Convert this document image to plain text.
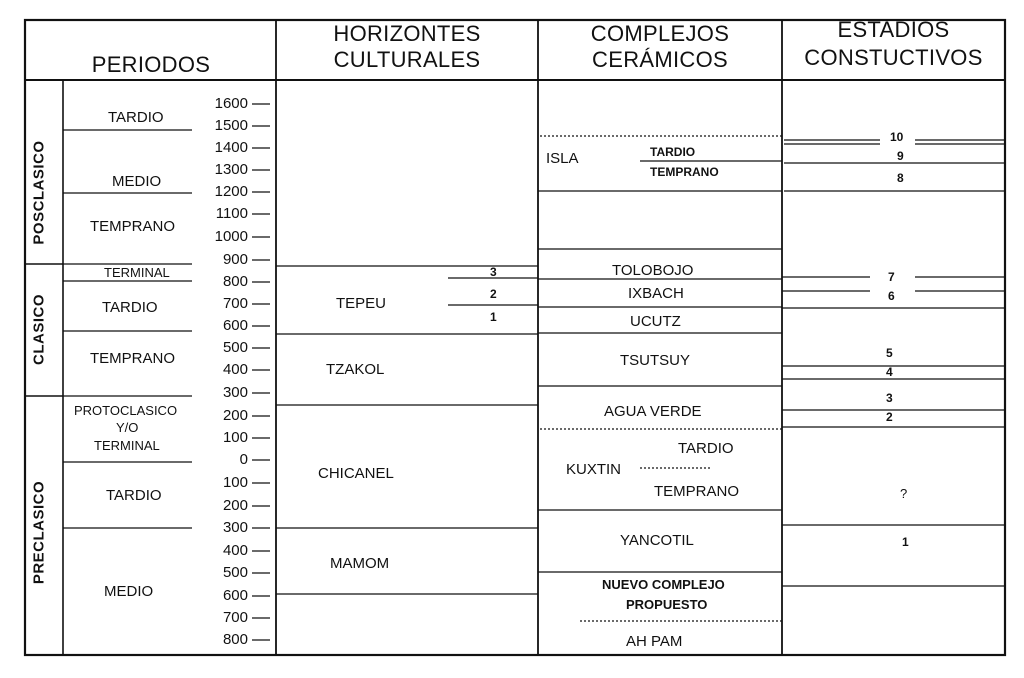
PERIODOS
HORIZONTES
CULTURALES
COMPLEJOS
CERÁMICOS
ESTADIOS
CONSTUCTIVOS
POSCLASICO
CLASICO
PRECLASICO
TARDIO
MEDIO
TEMPRANO
TERMINAL
TARDIO
TEMPRANO
PROTOCLASICO
Y/O
TERMINAL
TARDIO
MEDIO
1600
1500
1400
1300
1200
1100
1000
900
800
700
600
500
400
300
200
100
0
100
200
300
400
500
600
700
800
TEPEU
3
2
1
TZAKOL
CHICANEL
MAMOM
ISLA	TARDIO
TEMPRANO
TOLOBOJO
IXBACH
UCUTZ
TSUTSUY
AGUA VERDE
KUXTIN
TARDIO
TEMPRANO
YANCOTIL
NUEVO COMPLEJO
PROPUESTO
AH PAM
10
9
8
7
6
5
4
3
2
?
1
